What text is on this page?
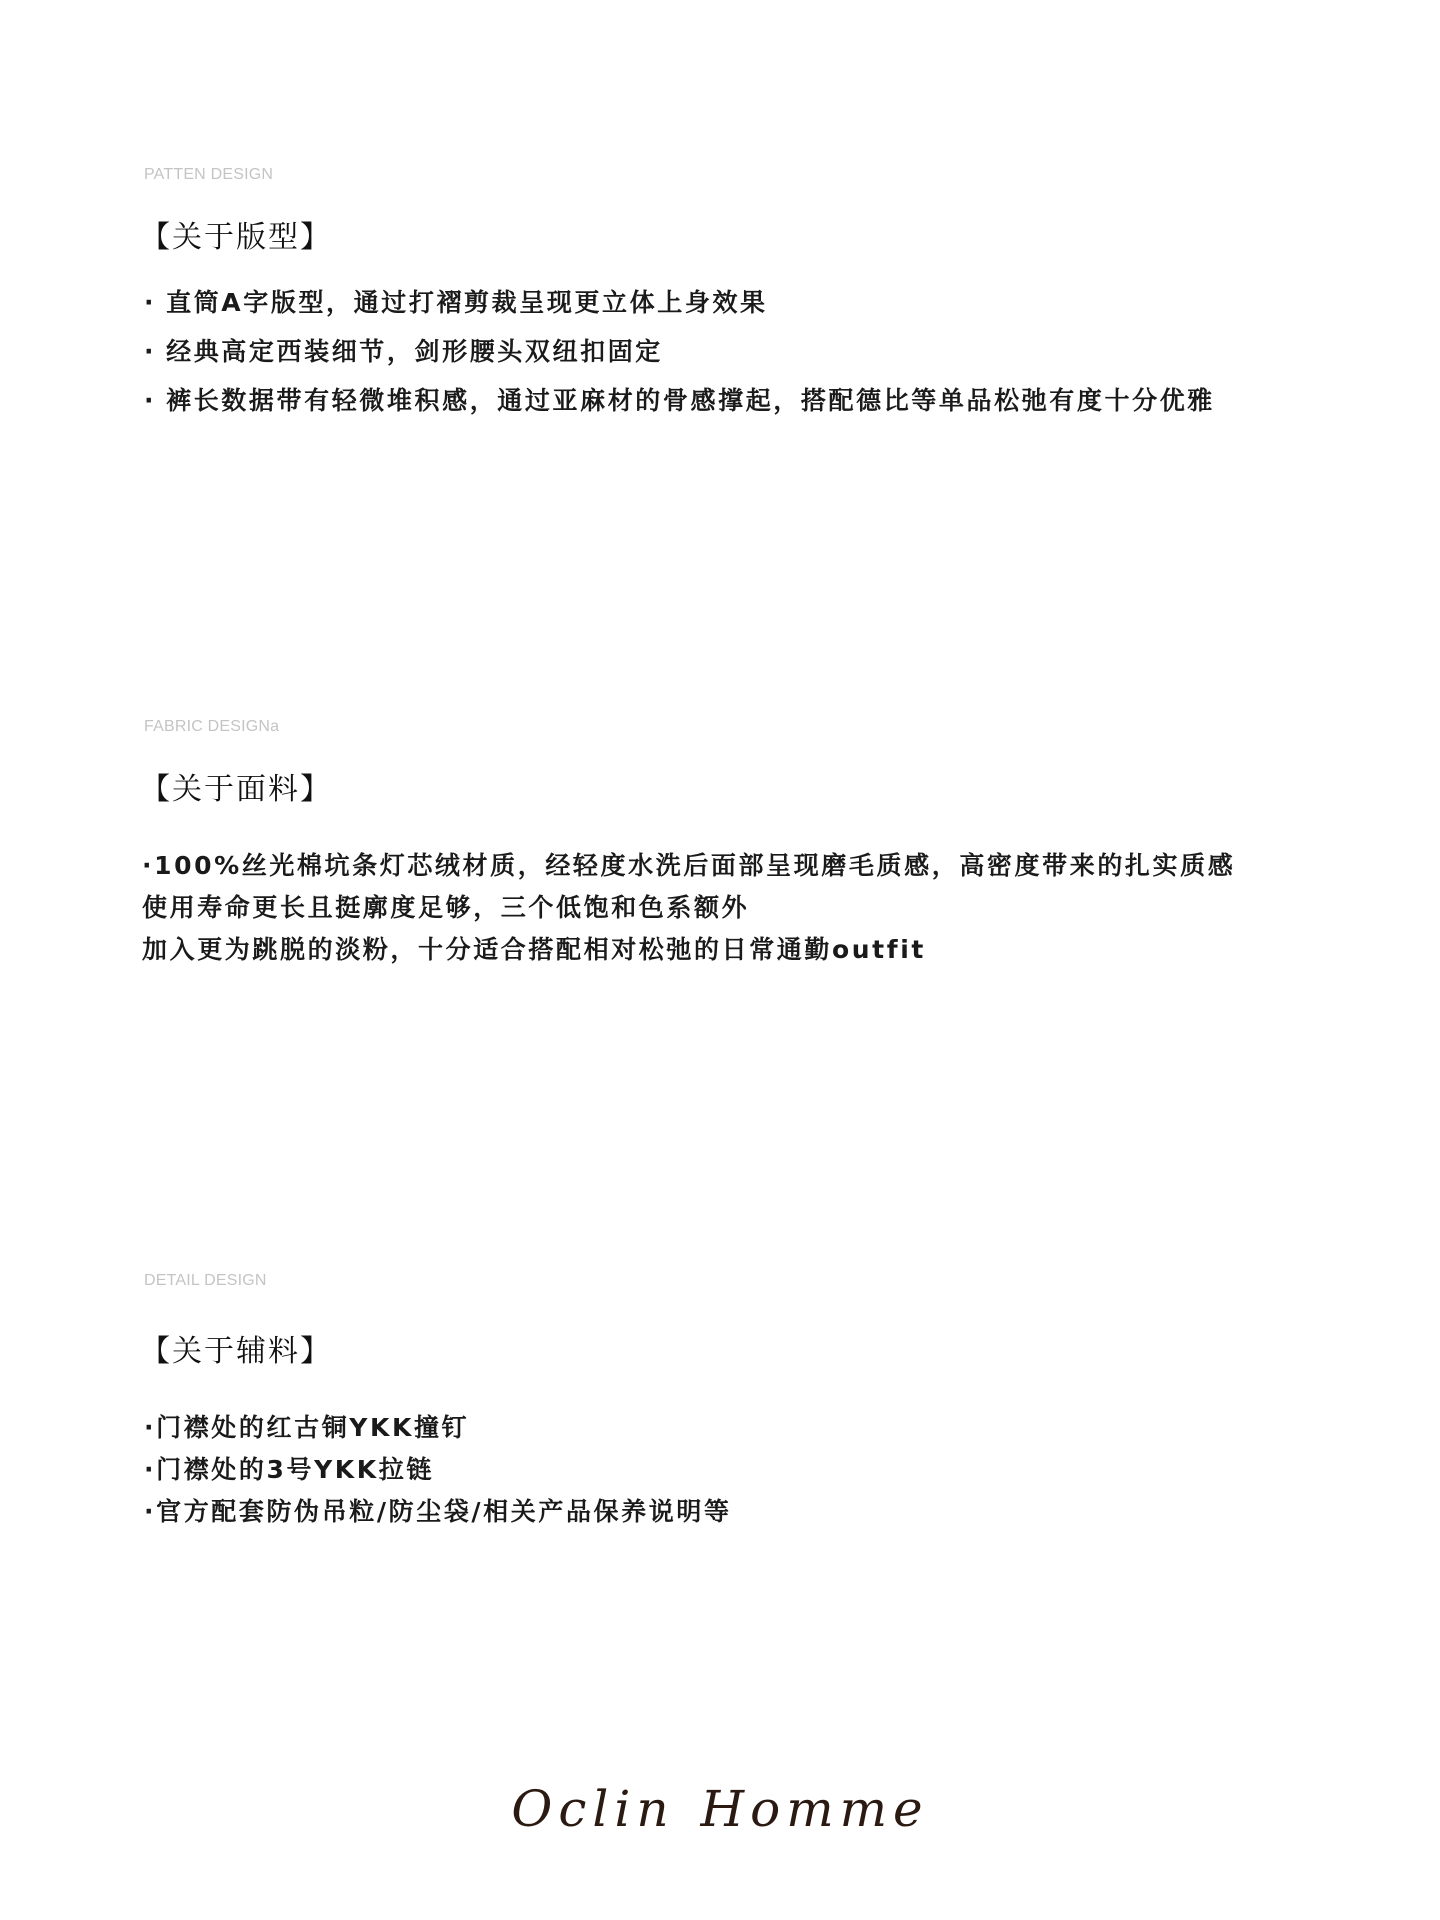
PATTEN DESIGN
【关于版型】
· 直筒A字版型，通过打褶剪裁呈现更立体上身效果
· 经典高定西装细节，剑形腰头双纽扣固定
· 裤长数据带有轻微堆积感，通过亚麻材的骨感撑起，搭配德比等单品松弛有度十分优雅
FABRIC DESIGNa
【关于面料】
·100%丝光棉坑条灯芯绒材质，经轻度水洗后面部呈现磨毛质感，高密度带来的扎实质感
使用寿命更长且挺廓度足够，三个低饱和色系额外
加入更为跳脱的淡粉，十分适合搭配相对松弛的日常通勤outfit
DETAIL DESIGN
【关于辅料】
·门襟处的红古铜YKK撞钉
·门襟处的3号YKK拉链
·官方配套防伪吊粒/防尘袋/相关产品保养说明等
Oclin Homme
